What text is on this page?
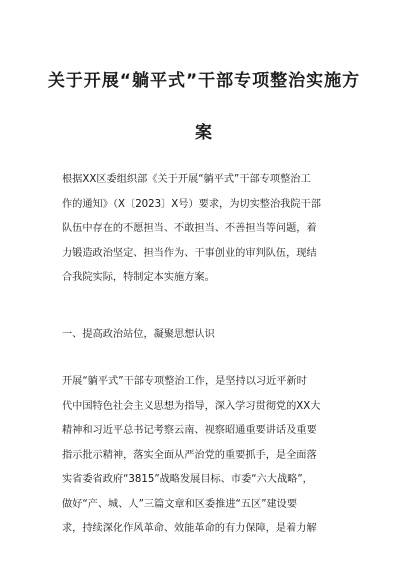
关于开展“躺平式”干部专项整治实施方
案
根据XX区委组织部《关于开展“躺平式”干部专项整治工
作的通知》（X〔2023〕X号）要求，为切实整治我院干部
队伍中存在的不愿担当、不敢担当、不善担当等问题，着
力锻造政治坚定、担当作为、干事创业的审判队伍，现结
合我院实际，特制定本实施方案。
一、提高政治站位，凝聚思想认识
开展“躺平式”干部专项整治工作，是坚持以习近平新时
代中国特色社会主义思想为指导，深入学习贯彻党的XX大
精神和习近平总书记考察云南、视察昭通重要讲话及重要
指示批示精神，落实全面从严治党的重要抓手，是全面落
实省委省政府“3815”战略发展目标、市委“六大战略”，
做好“产、城、人”三篇文章和区委推进“五区”建设要
求，持续深化作风革命、效能革命的有力保障，是着力解
